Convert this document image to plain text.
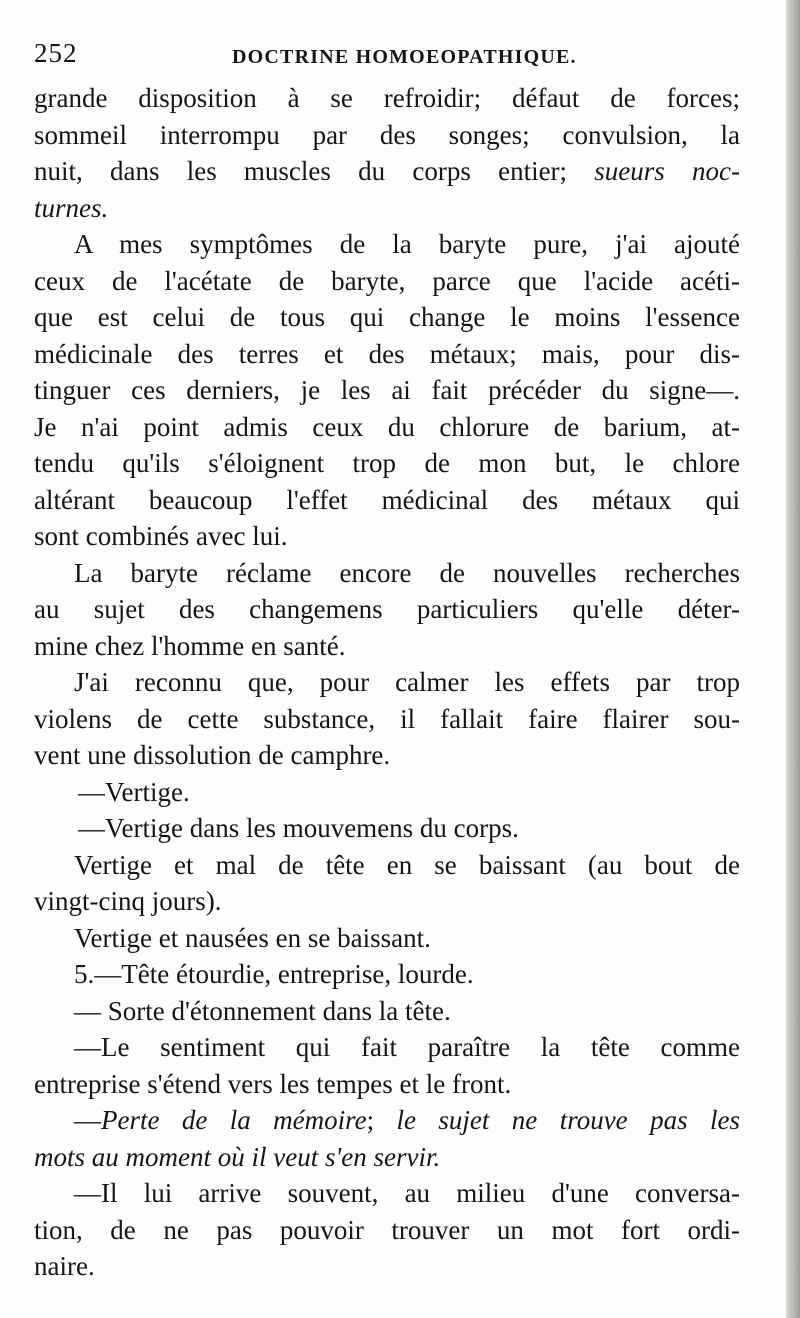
252	DOCTRINE HOMOEOPATHIQUE.
grande disposition à se refroidir; défaut de forces;
sommeil interrompu par des songes; convulsion, la
nuit, dans les muscles du corps entier; sueurs noc-
turnes.
A mes symptômes de la baryte pure, j'ai ajouté
ceux de l'acétate de baryte, parce que l'acide acéti-
que est celui de tous qui change le moins l'essence
médicinale des terres et des métaux; mais, pour dis-
tinguer ces derniers, je les ai fait précéder du signe—.
Je n'ai point admis ceux du chlorure de barium, at-
tendu qu'ils s'éloignent trop de mon but, le chlore
altérant beaucoup l'effet médicinal des métaux qui
sont combinés avec lui.
La baryte réclame encore de nouvelles recherches
au sujet des changemens particuliers qu'elle déter-
mine chez l'homme en santé.
J'ai reconnu que, pour calmer les effets par trop
violens de cette substance, il fallait faire flairer sou-
vent une dissolution de camphre.
—Vertige.
—Vertige dans les mouvemens du corps.
Vertige et mal de tête en se baissant (au bout de
vingt-cinq jours).
Vertige et nausées en se baissant.
5.—Tête étourdie, entreprise, lourde.
— Sorte d'étonnement dans la tête.
—Le sentiment qui fait paraître la tête comme
entreprise s'étend vers les tempes et le front.
—Perte de la mémoire; le sujet ne trouve pas les
mots au moment où il veut s'en servir.
—Il lui arrive souvent, au milieu d'une conversa-
tion, de ne pas pouvoir trouver un mot fort ordi-
naire.
